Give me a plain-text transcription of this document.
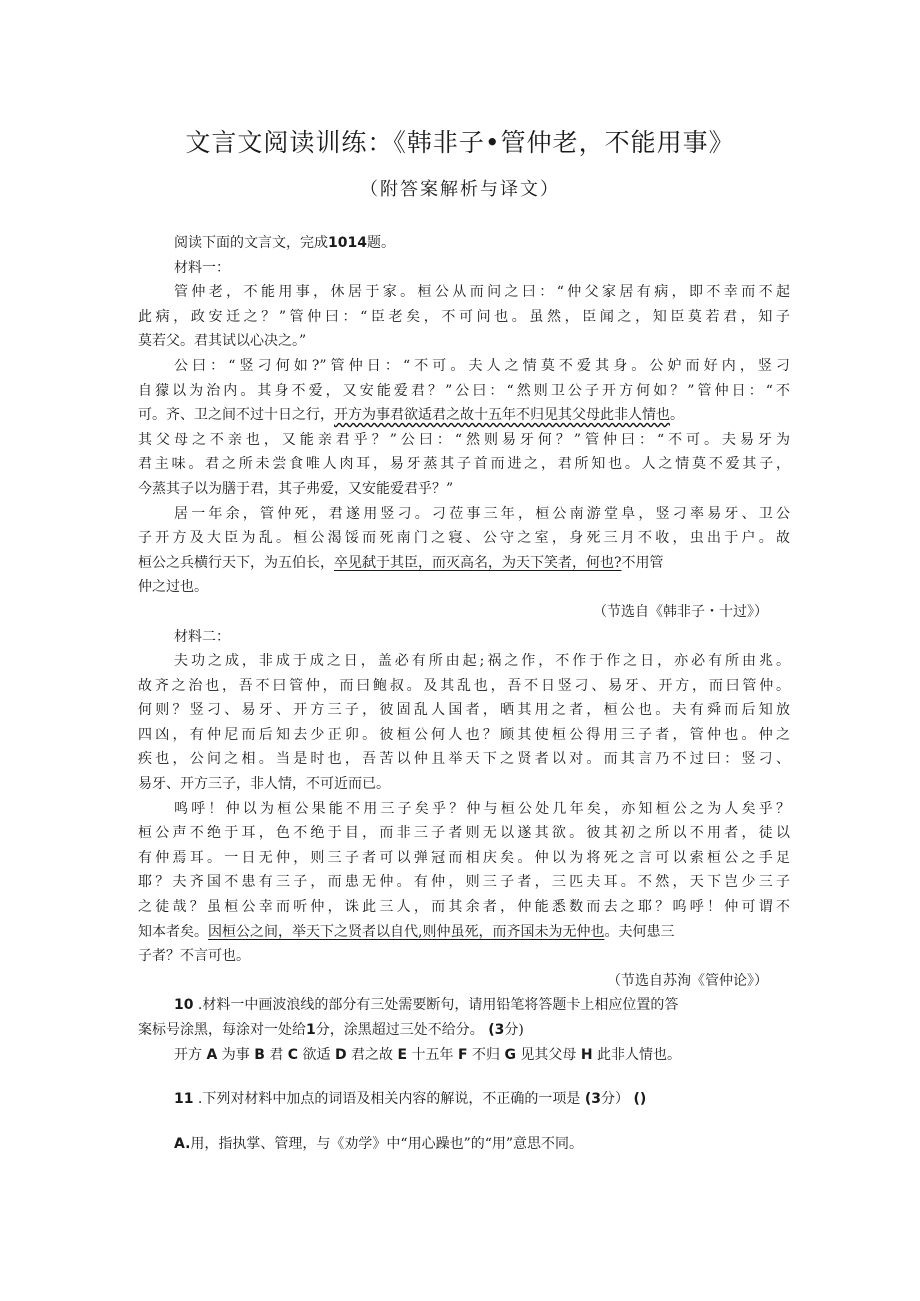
文言文阅读训练：《韩非子•管仲老，不能用事》
（附答案解析与译文）
阅读下面的文言文，完成1014题。
材料一：
管仲老，不能用事，休居于家。桓公从而问之曰：“仲父家居有病，即不幸而不起
此病，政安迁之？”管仲曰：“臣老矣，不可问也。虽然，臣闻之，知臣莫若君，知子
莫若父。君其试以心决之。”
公曰：“竖刁何如?”管仲日：“不可。夫人之情莫不爱其身。公妒而好内，竖刁
自獴以为治内。其身不爱，又安能爱君？”公曰：“然则卫公子开方何如？”管仲日：“不
可。齐、卫之间不过十日之行，开方为事君欲适君之故十五年不归见其父母此非人情也。
其父母之不亲也，又能亲君乎？”公曰：“然则易牙何？”管仲曰：“不可。夫易牙为
君主味。君之所未尝食唯人肉耳，易牙蒸其子首而进之，君所知也。人之情莫不爱其子，
今蒸其子以为膳于君，其子弗爱，又安能爱君乎？”
居一年余，管仲死，君遂用竖刁。刁莅事三年，桓公南游堂阜，竖刁率易牙、卫公
子开方及大臣为乱。桓公渴馁而死南门之寝、公守之室，身死三月不收，虫出于户。故
桓公之兵横行天下，为五伯长，卒见弑于其臣，而灭高名，为天下笑者，何也?不用管
仲之过也。
（节选自《韩非子・十过》）
材料二：
夫功之成，非成于成之日，盖必有所由起;祸之作，不作于作之日，亦必有所由兆。
故齐之治也，吾不曰管仲，而曰鲍叔。及其乱也，吾不日竖刁、易牙、开方，而曰管仲。
何则？竖刁、易牙、开方三子，彼固乱人国者，晒其用之者，桓公也。夫有舜而后知放
四凶，有仲尼而后知去少正卯。彼桓公何人也？顾其使桓公得用三子者，管仲也。仲之
疾也，公问之相。当是时也，吾苦以仲且举天下之贤者以对。而其言乃不过曰：竖刁、
易牙、开方三子，非人情，不可近而已。
鸣呼！仲以为桓公果能不用三子矣乎？仲与桓公处几年矣，亦知桓公之为人矣乎？
桓公声不绝于耳，色不绝于目，而非三子者则无以遂其欲。彼其初之所以不用者，徒以
有仲焉耳。一日无仲，则三子者可以弹冠而相庆矣。仲以为将死之言可以索桓公之手足
耶？夫齐国不患有三子，而患无仲。有仲，则三子者，三匹夫耳。不然，天下岂少三子
之徒哉？虽桓公幸而听仲，诛此三人，而其余者，仲能悉数而去之耶？呜呼！仲可谓不
知本者矣。因桓公之间，举天下之贤者以自代,则仲虽死，而齐国未为无仲也。夫何患三
子者？不言可也。
（节选自苏洵《管仲论》）
10 .材料一中画波浪线的部分有三处需要断句，请用铅笔将答题卡上相应位置的答
案标号涂黑，每涂对一处给1分，涂黑超过三处不给分。 (3分)
开方 A 为事 B 君 C 欲适 D 君之故 E 十五年 F 不归 G 见其父母 H 此非人情也。
11 .下列对材料中加点的词语及相关内容的解说，不正确的一项是 (3分） ()
A.用，指执掌、管理，与《劝学》中“用心躁也”的“用”意思不同。
